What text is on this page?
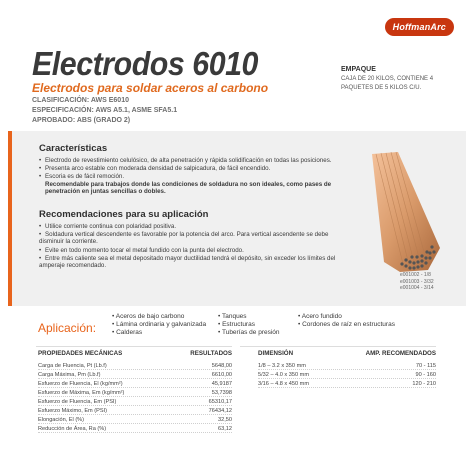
HoffmanArc
Electrodos 6010
Electrodos para soldar aceros al carbono
CLASIFICACIÓN: AWS E6010
ESPECIFICACIÓN: AWS A5.1, ASME SFA5.1
APROBADO: ABS (GRADO 2)
EMPAQUE
CAJA DE 20 KILOS, CONTIENE 4 PAQUETES DE 5 KILOS C/U.
Características
• Electrodo de revestimiento celulósico, de alta penetración y rápida solidificación en todas las posiciones.
• Presenta arco estable con moderada densidad de salpicadura, de fácil encendido.
• Escoria es de fácil remoción.
Recomendable para trabajos donde las condiciones de soldadura no son ideales, como pases de penetración en juntas sencillas o dobles.
Recomendaciones para su aplicación
• Utilice corriente continua con polaridad positiva.
• Soldadura vertical descendente es favorable por la potencia del arco. Para vertical ascendente se debe disminuir la corriente.
• Evite en todo momento tocar el metal fundido con la punta del electrodo.
• Entre más caliente sea el metal depositado mayor ductilidad tendrá el depósito, sin exceder los límites del amperaje recomendado.
e001002 - 1/8
e001003 - 3/32
e001004 - 3/14
Aplicación:
• Aceros de bajo carbono
• Lámina ordinaria y galvanizada
• Calderas
• Tanques
• Estructuras
• Tuberías de presión
• Acero fundido
• Cordones de raíz en estructuras
PROPIEDADES MECÁNICAS	RESULTADOS	DIMENSIÓN	AMP. RECOMENDADOS
Carga de Fluencia, Pt (Lb.f)	5648,00
Carga Máxima, Pm (Lb.f)	6610,00
Esfuerzo de Fluencia, El (kg/mm²)	45,9187
Esfuerzo de Máxima, Em (kg/mm²)	53,7398
Esfuerzo de Fluencia, Em (PSI)	65310,17
Esfuerzo Máximo, Em (PSI)	76434,12
Elongación, El (%)	32,50
Reducción de Área, Ra (%)	63,12
1/8 – 3.2 x 350 mm	70 - 115
5/32 – 4.0 x 350 mm	90 - 160
3/16 – 4.8 x 450 mm	120 - 210
